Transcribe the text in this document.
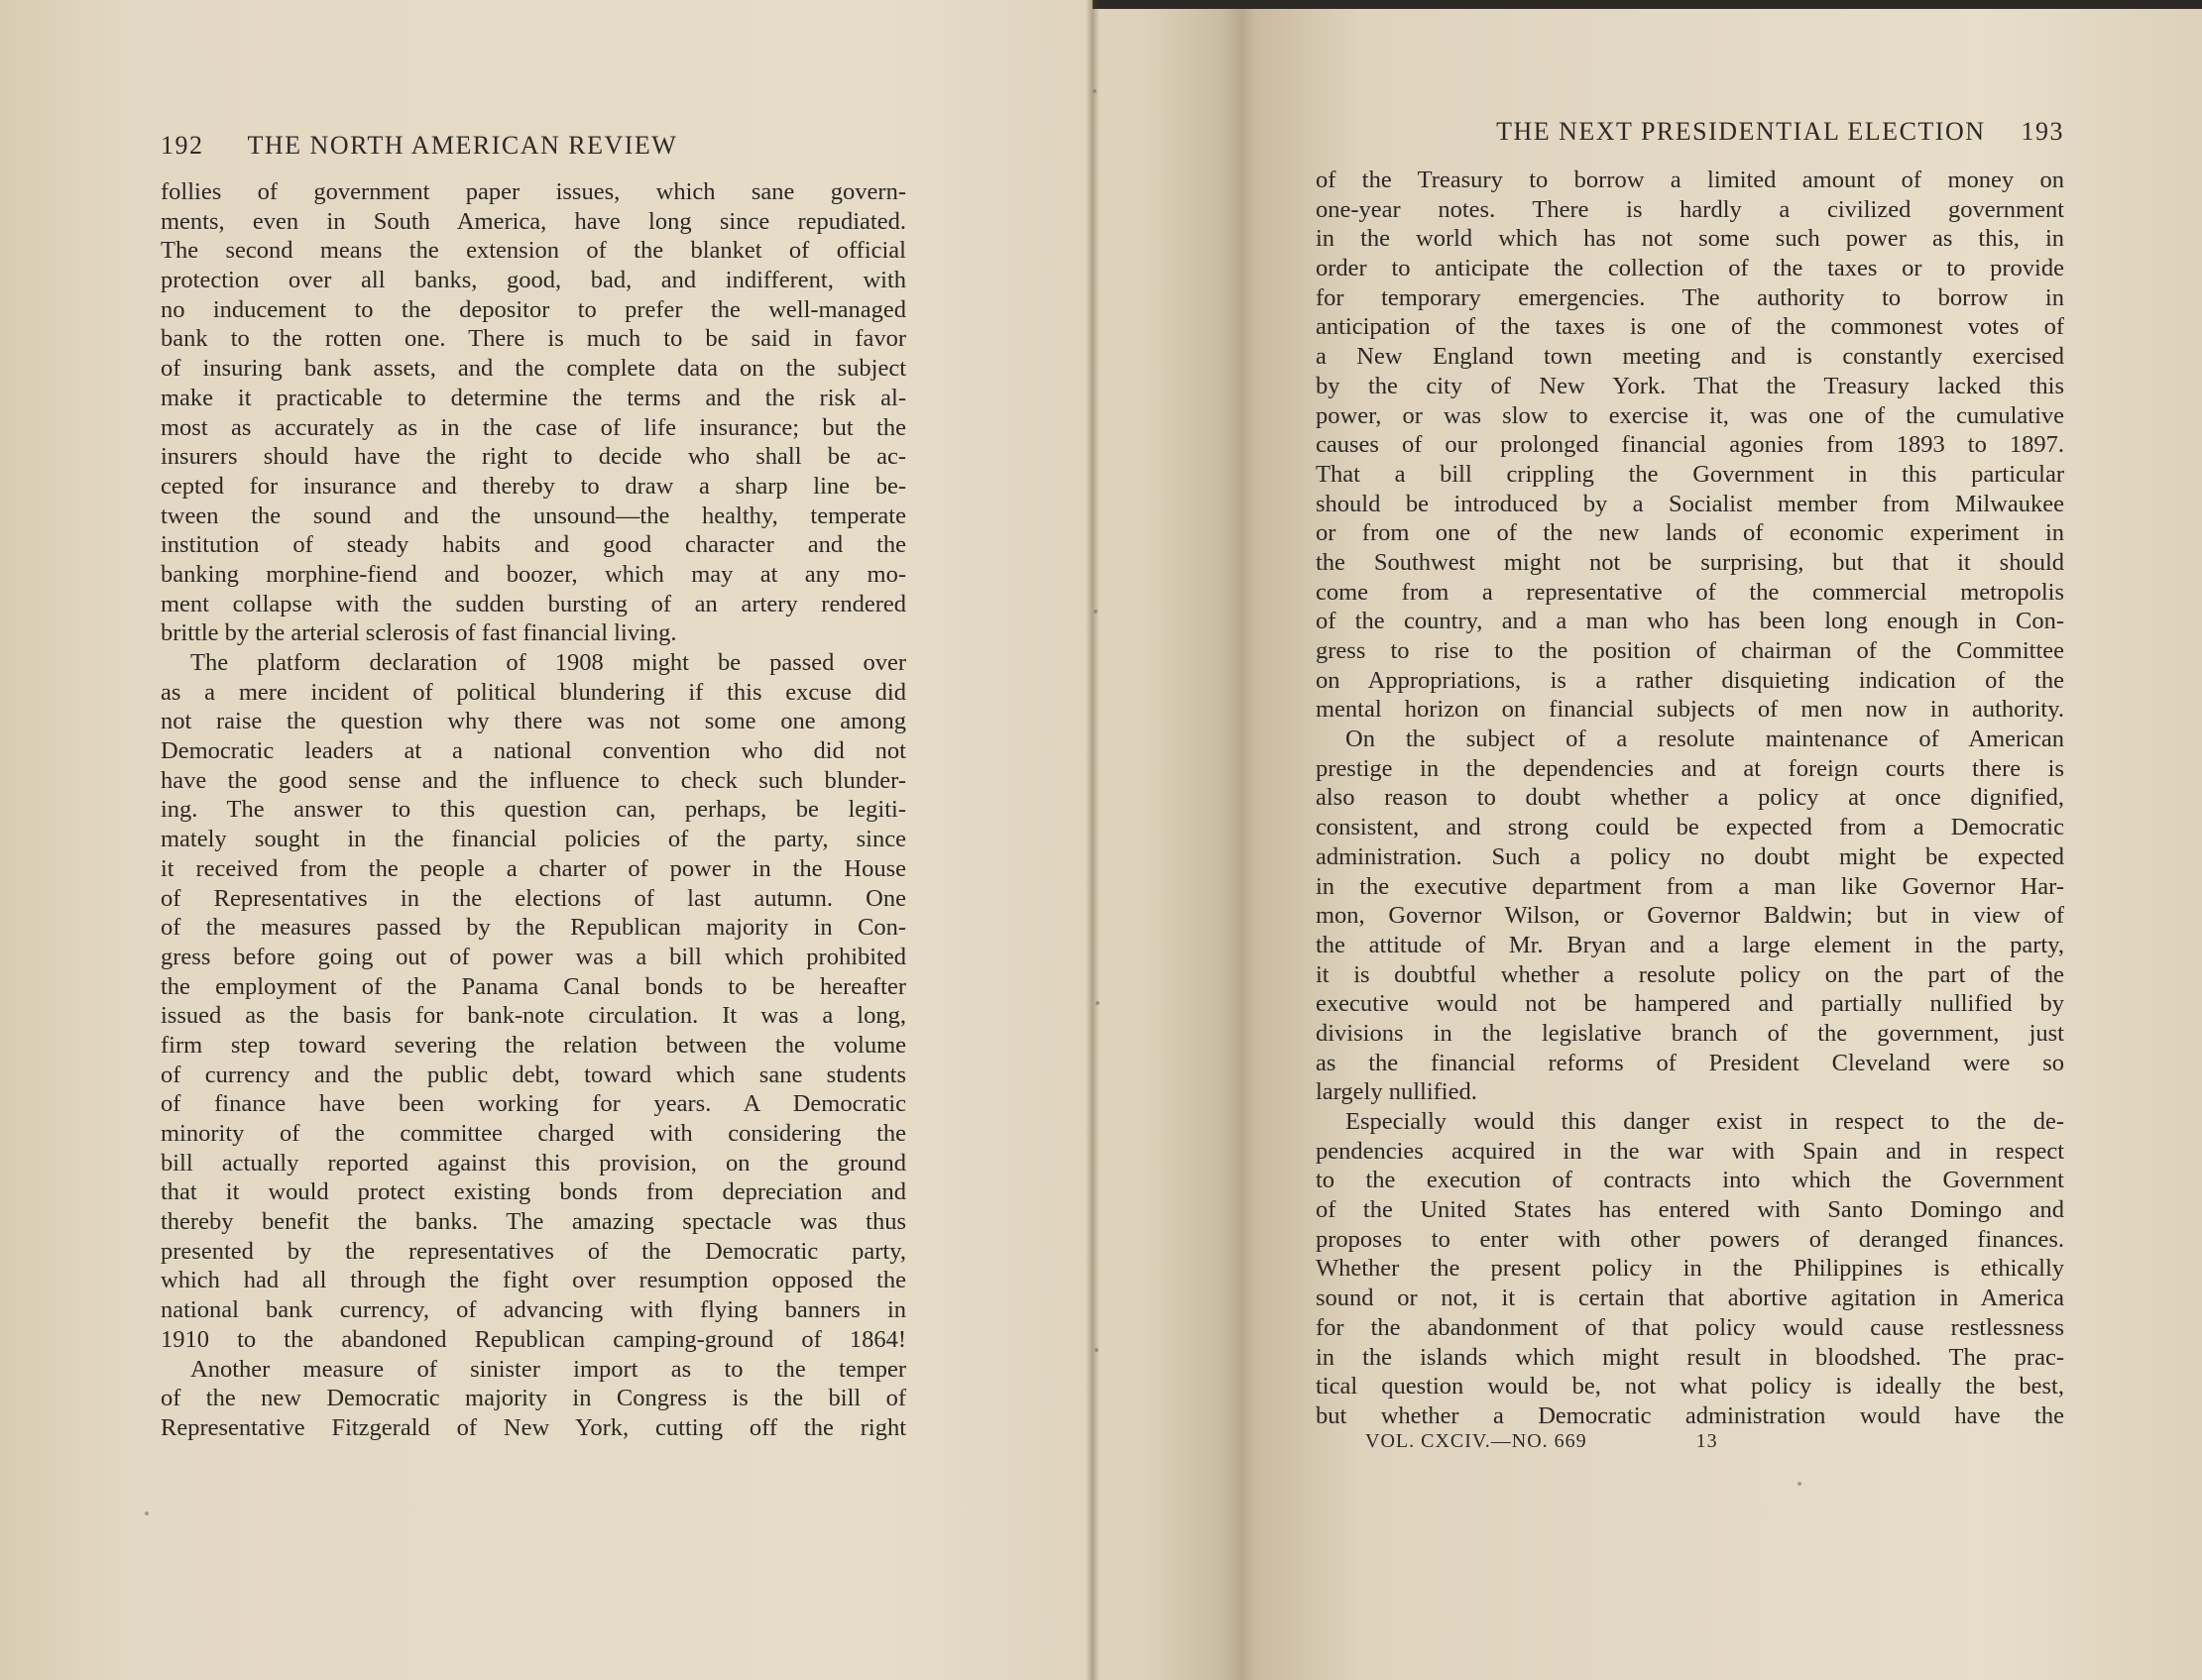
192 THE NORTH AMERICAN REVIEW
follies of government paper issues, which sane govern-
ments, even in South America, have long since repudiated.
The second means the extension of the blanket of official
protection over all banks, good, bad, and indifferent, with
no inducement to the depositor to prefer the well-managed
bank to the rotten one. There is much to be said in favor
of insuring bank assets, and the complete data on the subject
make it practicable to determine the terms and the risk al-
most as accurately as in the case of life insurance; but the
insurers should have the right to decide who shall be ac-
cepted for insurance and thereby to draw a sharp line be-
tween the sound and the unsound—the healthy, temperate
institution of steady habits and good character and the
banking morphine-fiend and boozer, which may at any mo-
ment collapse with the sudden bursting of an artery rendered
brittle by the arterial sclerosis of fast financial living.
The platform declaration of 1908 might be passed over
as a mere incident of political blundering if this excuse did
not raise the question why there was not some one among
Democratic leaders at a national convention who did not
have the good sense and the influence to check such blunder-
ing. The answer to this question can, perhaps, be legiti-
mately sought in the financial policies of the party, since
it received from the people a charter of power in the House
of Representatives in the elections of last autumn. One
of the measures passed by the Republican majority in Con-
gress before going out of power was a bill which prohibited
the employment of the Panama Canal bonds to be hereafter
issued as the basis for bank-note circulation. It was a long,
firm step toward severing the relation between the volume
of currency and the public debt, toward which sane students
of finance have been working for years. A Democratic
minority of the committee charged with considering the
bill actually reported against this provision, on the ground
that it would protect existing bonds from depreciation and
thereby benefit the banks. The amazing spectacle was thus
presented by the representatives of the Democratic party,
which had all through the fight over resumption opposed the
national bank currency, of advancing with flying banners in
1910 to the abandoned Republican camping-ground of 1864!
Another measure of sinister import as to the temper
of the new Democratic majority in Congress is the bill of
Representative Fitzgerald of New York, cutting off the right
THE NEXT PRESIDENTIAL ELECTION 193
of the Treasury to borrow a limited amount of money on
one-year notes. There is hardly a civilized government
in the world which has not some such power as this, in
order to anticipate the collection of the taxes or to provide
for temporary emergencies. The authority to borrow in
anticipation of the taxes is one of the commonest votes of
a New England town meeting and is constantly exercised
by the city of New York. That the Treasury lacked this
power, or was slow to exercise it, was one of the cumulative
causes of our prolonged financial agonies from 1893 to 1897.
That a bill crippling the Government in this particular
should be introduced by a Socialist member from Milwaukee
or from one of the new lands of economic experiment in
the Southwest might not be surprising, but that it should
come from a representative of the commercial metropolis
of the country, and a man who has been long enough in Con-
gress to rise to the position of chairman of the Committee
on Appropriations, is a rather disquieting indication of the
mental horizon on financial subjects of men now in authority.
On the subject of a resolute maintenance of American
prestige in the dependencies and at foreign courts there is
also reason to doubt whether a policy at once dignified,
consistent, and strong could be expected from a Democratic
administration. Such a policy no doubt might be expected
in the executive department from a man like Governor Har-
mon, Governor Wilson, or Governor Baldwin; but in view of
the attitude of Mr. Bryan and a large element in the party,
it is doubtful whether a resolute policy on the part of the
executive would not be hampered and partially nullified by
divisions in the legislative branch of the government, just
as the financial reforms of President Cleveland were so
largely nullified.
Especially would this danger exist in respect to the de-
pendencies acquired in the war with Spain and in respect
to the execution of contracts into which the Government
of the United States has entered with Santo Domingo and
proposes to enter with other powers of deranged finances.
Whether the present policy in the Philippines is ethically
sound or not, it is certain that abortive agitation in America
for the abandonment of that policy would cause restlessness
in the islands which might result in bloodshed. The prac-
tical question would be, not what policy is ideally the best,
but whether a Democratic administration would have the
VOL. CXCIV.—NO. 669	13
